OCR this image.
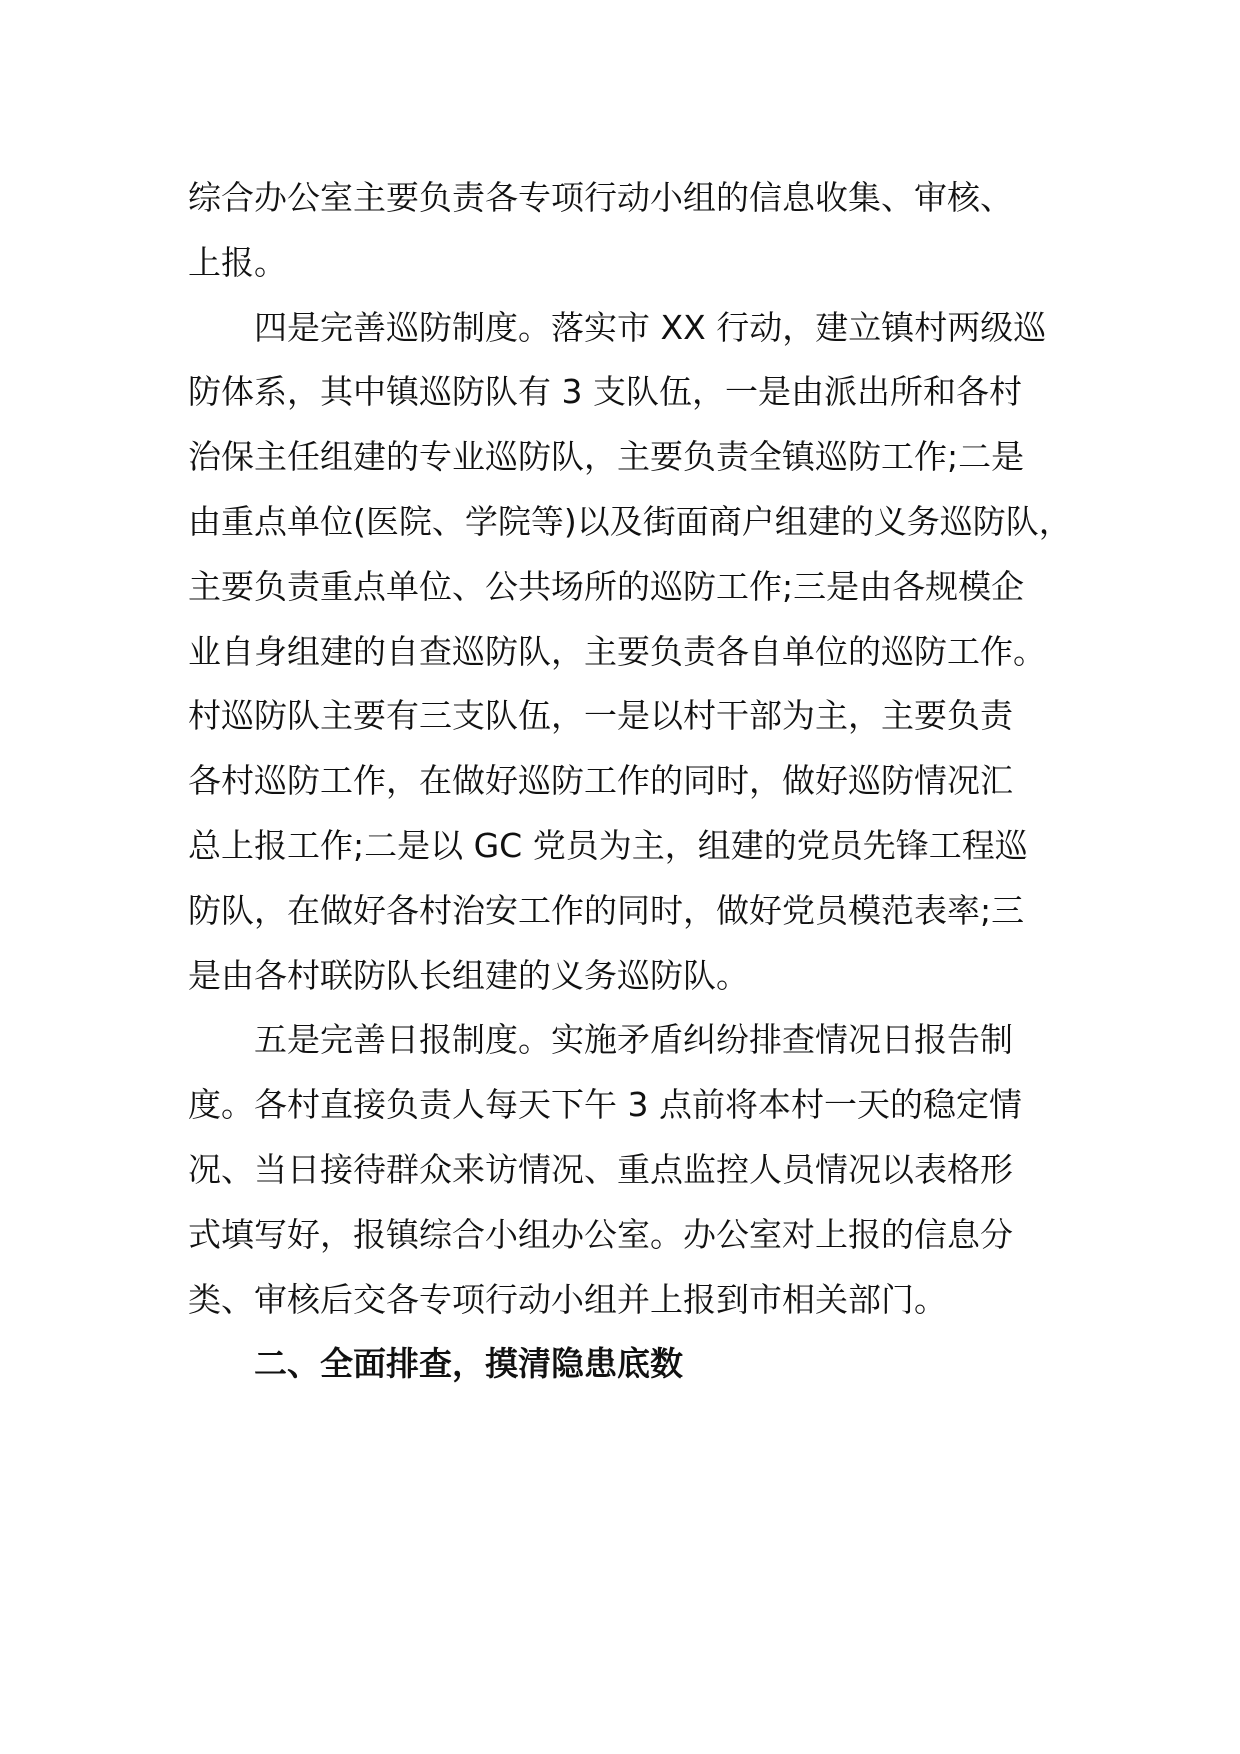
综合办公室主要负责各专项行动小组的信息收集、审核、
上报。
四是完善巡防制度。落实市 XX 行动，建立镇村两级巡
防体系，其中镇巡防队有 3 支队伍，一是由派出所和各村
治保主任组建的专业巡防队，主要负责全镇巡防工作;二是
由重点单位(医院、学院等)以及街面商户组建的义务巡防队，
主要负责重点单位、公共场所的巡防工作;三是由各规模企
业自身组建的自查巡防队，主要负责各自单位的巡防工作。
村巡防队主要有三支队伍，一是以村干部为主，主要负责
各村巡防工作，在做好巡防工作的同时，做好巡防情况汇
总上报工作;二是以 GC 党员为主，组建的党员先锋工程巡
防队，在做好各村治安工作的同时，做好党员模范表率;三
是由各村联防队长组建的义务巡防队。
五是完善日报制度。实施矛盾纠纷排查情况日报告制
度。各村直接负责人每天下午 3 点前将本村一天的稳定情
况、当日接待群众来访情况、重点监控人员情况以表格形
式填写好，报镇综合小组办公室。办公室对上报的信息分
类、审核后交各专项行动小组并上报到市相关部门。
二、全面排查，摸清隐患底数
